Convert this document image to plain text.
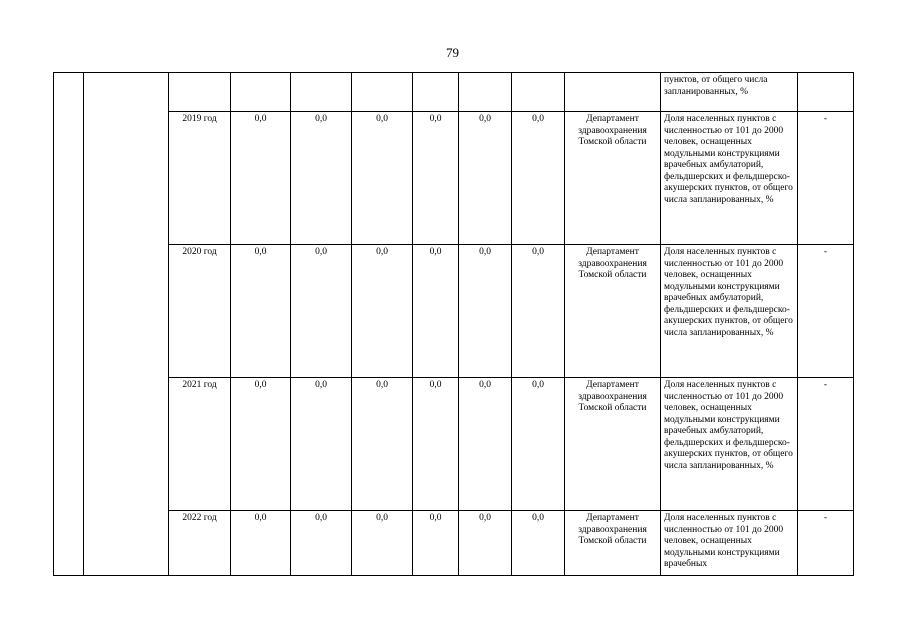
79
										пунктов, от общего числа запланированных, %	
		2019 год	0,0	0,0	0,0	0,0	0,0	0,0	Департамент здравоохранения Томской области	Доля населенных пунктов с численностью от 101 до 2000 человек, оснащенных модульными конструкциями врачебных амбулаторий, фельдшерских и фельдшерско-акушерских пунктов, от общего числа запланированных, %	-
		2020 год	0,0	0,0	0,0	0,0	0,0	0,0	Департамент здравоохранения Томской области	Доля населенных пунктов с численностью от 101 до 2000 человек, оснащенных модульными конструкциями врачебных амбулаторий, фельдшерских и фельдшерско-акушерских пунктов, от общего числа запланированных, %	-
		2021 год	0,0	0,0	0,0	0,0	0,0	0,0	Департамент здравоохранения Томской области	Доля населенных пунктов с численностью от 101 до 2000 человек, оснащенных модульными конструкциями врачебных амбулаторий, фельдшерских и фельдшерско-акушерских пунктов, от общего числа запланированных, %	-
		2022 год	0,0	0,0	0,0	0,0	0,0	0,0	Департамент здравоохранения Томской области	Доля населенных пунктов с численностью от 101 до 2000 человек, оснащенных модульными конструкциями врачебных	-
